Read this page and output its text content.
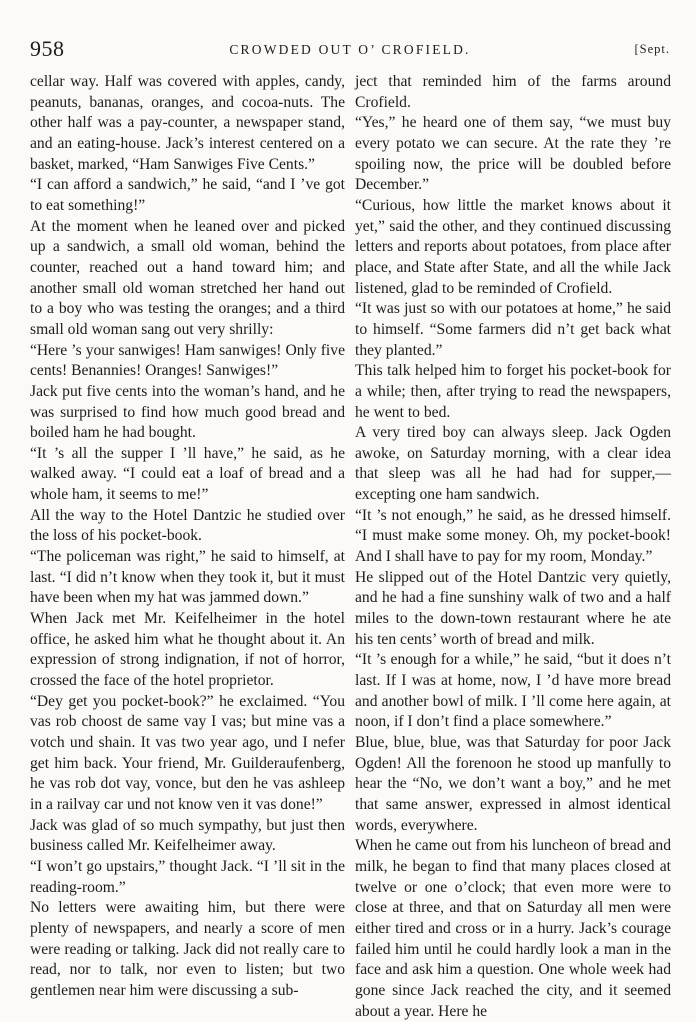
958	CROWDED OUT O’ CROFIELD.	[Sept.

cellar way. Half was covered with apples, candy, peanuts, bananas, oranges, and cocoa-nuts. The other half was a pay-counter, a newspaper stand, and an eating-house. Jack’s interest centered on a basket, marked, “Ham Sanwiges Five Cents.”

“I can afford a sandwich,” he said, “and I ’ve got to eat something!”

At the moment when he leaned over and picked up a sandwich, a small old woman, behind the counter, reached out a hand toward him; and another small old woman stretched her hand out to a boy who was testing the oranges; and a third small old woman sang out very shrilly:

“Here ’s your sanwiges! Ham sanwiges! Only five cents! Benannies! Oranges! Sanwiges!”

Jack put five cents into the woman’s hand, and he was surprised to find how much good bread and boiled ham he had bought.

“It ’s all the supper I ’ll have,” he said, as he walked away. “I could eat a loaf of bread and a whole ham, it seems to me!”

All the way to the Hotel Dantzic he studied over the loss of his pocket-book.

“The policeman was right,” he said to himself, at last. “I did n’t know when they took it, but it must have been when my hat was jammed down.”

When Jack met Mr. Keifelheimer in the hotel office, he asked him what he thought about it. An expression of strong indignation, if not of horror, crossed the face of the hotel proprietor.

“Dey get you pocket-book?” he exclaimed. “You vas rob choost de same vay I vas; but mine vas a votch und shain. It vas two year ago, und I nefer get him back. Your friend, Mr. Guilderaufenberg, he vas rob dot vay, vonce, but den he vas ashleep in a railvay car und not know ven it vas done!”

Jack was glad of so much sympathy, but just then business called Mr. Keifelheimer away.

“I won’t go upstairs,” thought Jack. “I ’ll sit in the reading-room.”

No letters were awaiting him, but there were plenty of newspapers, and nearly a score of men were reading or talking. Jack did not really care to read, nor to talk, nor even to listen; but two gentlemen near him were discussing a sub-

ject that reminded him of the farms around Crofield.

“Yes,” he heard one of them say, “we must buy every potato we can secure. At the rate they ’re spoiling now, the price will be doubled before December.”

“Curious, how little the market knows about it yet,” said the other, and they continued discussing letters and reports about potatoes, from place after place, and State after State, and all the while Jack listened, glad to be reminded of Crofield.

“It was just so with our potatoes at home,” he said to himself. “Some farmers did n’t get back what they planted.”

This talk helped him to forget his pocket-book for a while; then, after trying to read the newspapers, he went to bed.

A very tired boy can always sleep. Jack Ogden awoke, on Saturday morning, with a clear idea that sleep was all he had had for supper,—excepting one ham sandwich.

“It ’s not enough,” he said, as he dressed himself. “I must make some money. Oh, my pocket-book! And I shall have to pay for my room, Monday.”

He slipped out of the Hotel Dantzic very quietly, and he had a fine sunshiny walk of two and a half miles to the down-town restaurant where he ate his ten cents’ worth of bread and milk.

“It ’s enough for a while,” he said, “but it does n’t last. If I was at home, now, I ’d have more bread and another bowl of milk. I ’ll come here again, at noon, if I don’t find a place somewhere.”

Blue, blue, blue, was that Saturday for poor Jack Ogden! All the forenoon he stood up manfully to hear the “No, we don’t want a boy,” and he met that same answer, expressed in almost identical words, everywhere.

When he came out from his luncheon of bread and milk, he began to find that many places closed at twelve or one o’clock; that even more were to close at three, and that on Saturday all men were either tired and cross or in a hurry. Jack’s courage failed him until he could hardly look a man in the face and ask him a question. One whole week had gone since Jack reached the city, and it seemed about a year. Here he
